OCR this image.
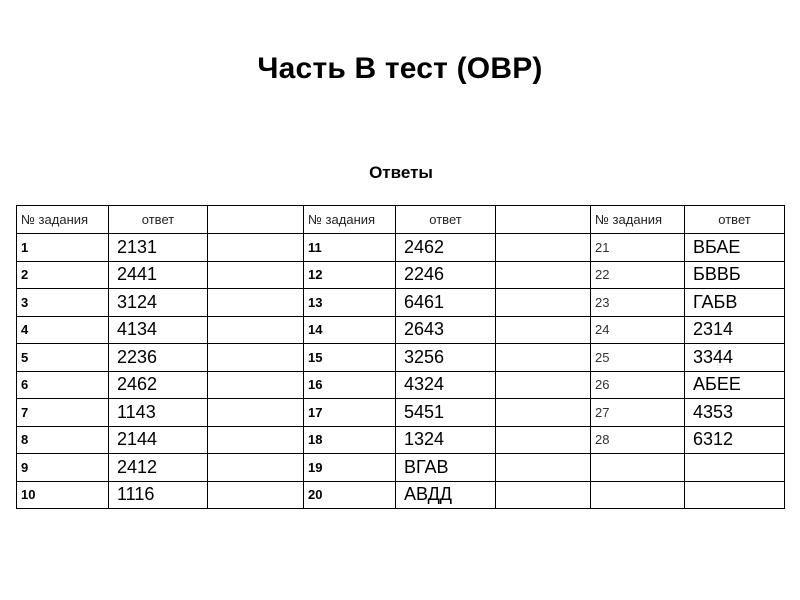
Часть В тест (ОВР)
Ответы
№ задания	ответ		№ задания	ответ		№ задания	ответ
1	2131		11	2462		21	ВБАЕ
2	2441		12	2246		22	БВВБ
3	3124		13	6461		23	ГАБВ
4	4134		14	2643		24	2314
5	2236		15	3256		25	3344
6	2462		16	4324		26	АБЕЕ
7	1143		17	5451		27	4353
8	2144		18	1324		28	6312
9	2412		19	ВГАВ			
10	1116		20	АВДД			
